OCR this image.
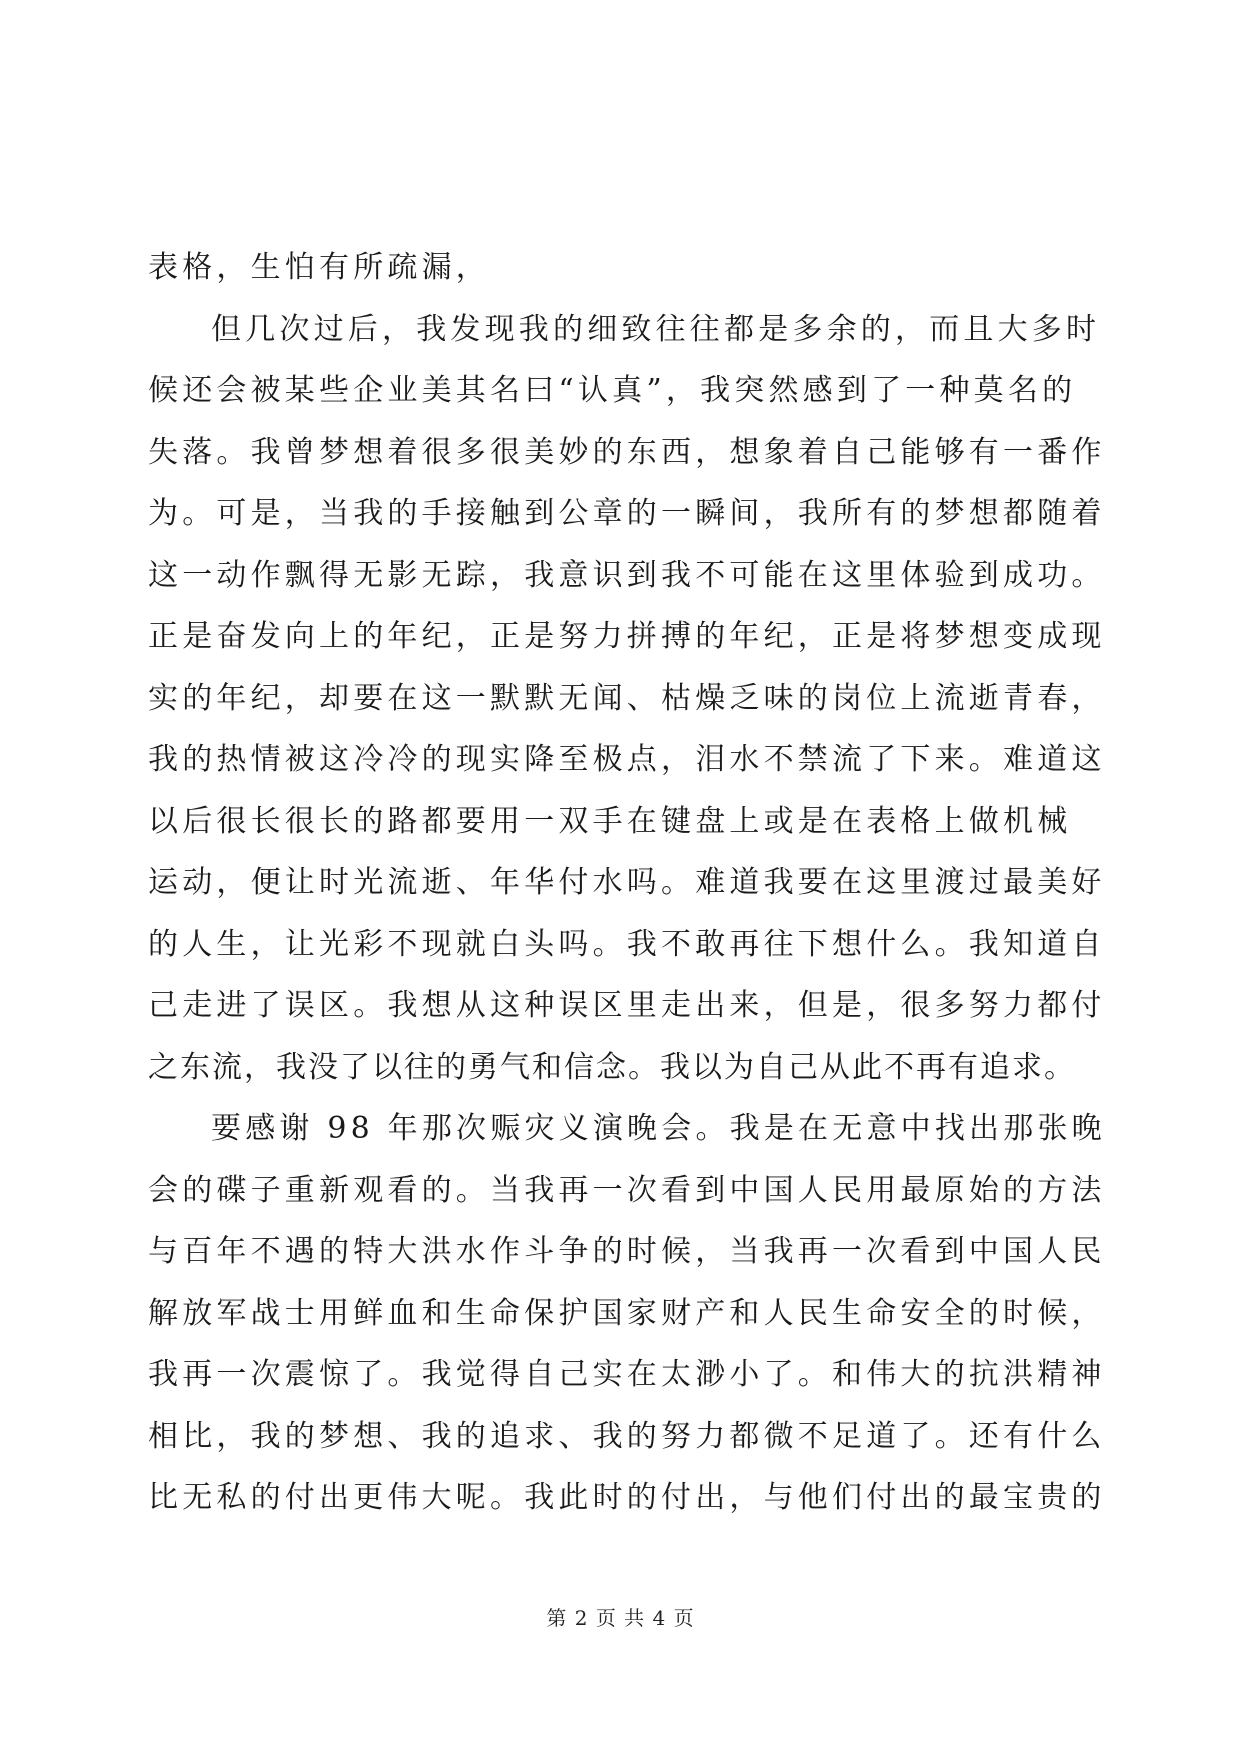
表格，生怕有所疏漏，
但几次过后，我发现我的细致往往都是多余的，而且大多时
候还会被某些企业美其名曰“认真”，我突然感到了一种莫名的
失落。我曾梦想着很多很美妙的东西，想象着自己能够有一番作
为。可是，当我的手接触到公章的一瞬间，我所有的梦想都随着
这一动作飘得无影无踪，我意识到我不可能在这里体验到成功。
正是奋发向上的年纪，正是努力拼搏的年纪，正是将梦想变成现
实的年纪，却要在这一默默无闻、枯燥乏味的岗位上流逝青春，
我的热情被这冷冷的现实降至极点，泪水不禁流了下来。难道这
以后很长很长的路都要用一双手在键盘上或是在表格上做机械
运动，便让时光流逝、年华付水吗。难道我要在这里渡过最美好
的人生，让光彩不现就白头吗。我不敢再往下想什么。我知道自
己走进了误区。我想从这种误区里走出来，但是，很多努力都付
之东流，我没了以往的勇气和信念。我以为自己从此不再有追求。
要感谢 98 年那次赈灾义演晚会。我是在无意中找出那张晚
会的碟子重新观看的。当我再一次看到中国人民用最原始的方法
与百年不遇的特大洪水作斗争的时候，当我再一次看到中国人民
解放军战士用鲜血和生命保护国家财产和人民生命安全的时候，
我再一次震惊了。我觉得自己实在太渺小了。和伟大的抗洪精神
相比，我的梦想、我的追求、我的努力都微不足道了。还有什么
比无私的付出更伟大呢。我此时的付出，与他们付出的最宝贵的
第 2 页 共 4 页
